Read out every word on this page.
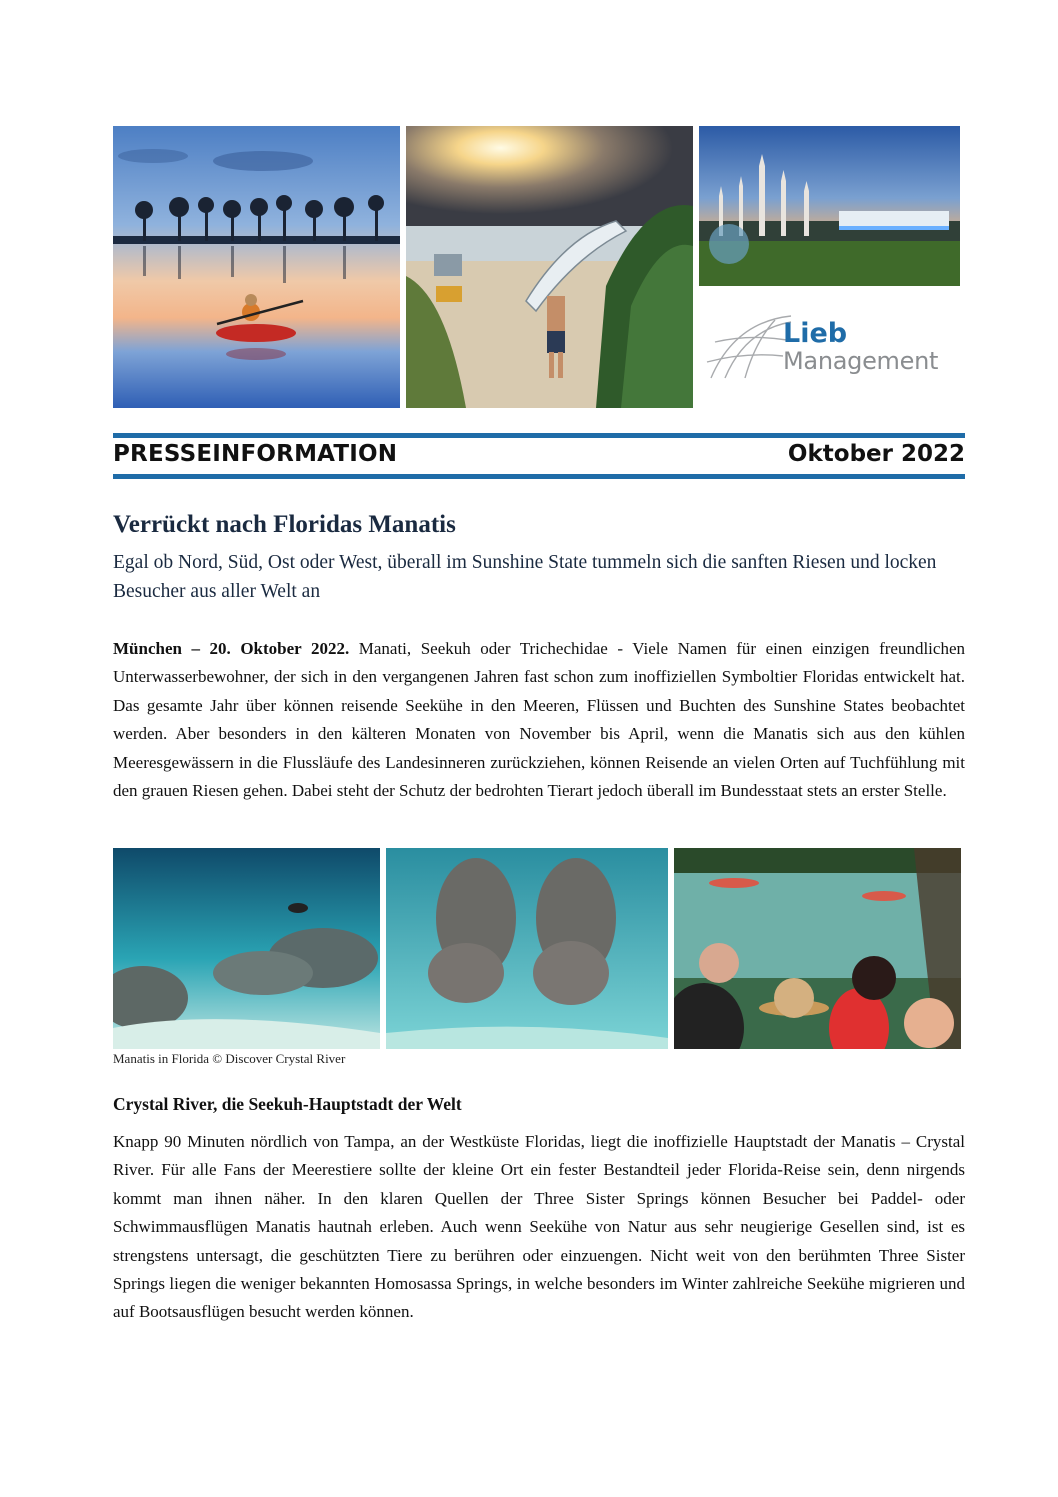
Lieb
Management
PRESSEINFORMATION	Oktober 2022
Verrückt nach Floridas Manatis
Egal ob Nord, Süd, Ost oder West, überall im Sunshine State tummeln sich die sanften Riesen und locken Besucher aus aller Welt an
München – 20. Oktober 2022. Manati, Seekuh oder Trichechidae - Viele Namen für einen einzigen freundlichen Unterwasserbewohner, der sich in den vergangenen Jahren fast schon zum inoffiziellen Symboltier Floridas entwickelt hat. Das gesamte Jahr über können reisende Seekühe in den Meeren, Flüssen und Buchten des Sunshine States beobachtet werden. Aber besonders in den kälteren Monaten von November bis April, wenn die Manatis sich aus den kühlen Meeresgewässern in die Flussläufe des Landesinneren zurückziehen, können Reisende an vielen Orten auf Tuchfühlung mit den grauen Riesen gehen. Dabei steht der Schutz der bedrohten Tierart jedoch überall im Bundesstaat stets an erster Stelle.
Manatis in Florida © Discover Crystal River
Crystal River, die Seekuh-Hauptstadt der Welt
Knapp 90 Minuten nördlich von Tampa, an der Westküste Floridas, liegt die inoffizielle Hauptstadt der Manatis – Crystal River. Für alle Fans der Meerestiere sollte der kleine Ort ein fester Bestandteil jeder Florida-Reise sein, denn nirgends kommt man ihnen näher. In den klaren Quellen der Three Sister Springs können Besucher bei Paddel- oder Schwimmausflügen Manatis hautnah erleben. Auch wenn Seekühe von Natur aus sehr neugierige Gesellen sind, ist es strengstens untersagt, die geschützten Tiere zu berühren oder einzuengen. Nicht weit von den berühmten Three Sister Springs liegen die weniger bekannten Homosassa Springs, in welche besonders im Winter zahlreiche Seekühe migrieren und auf Bootsausflügen besucht werden können.
